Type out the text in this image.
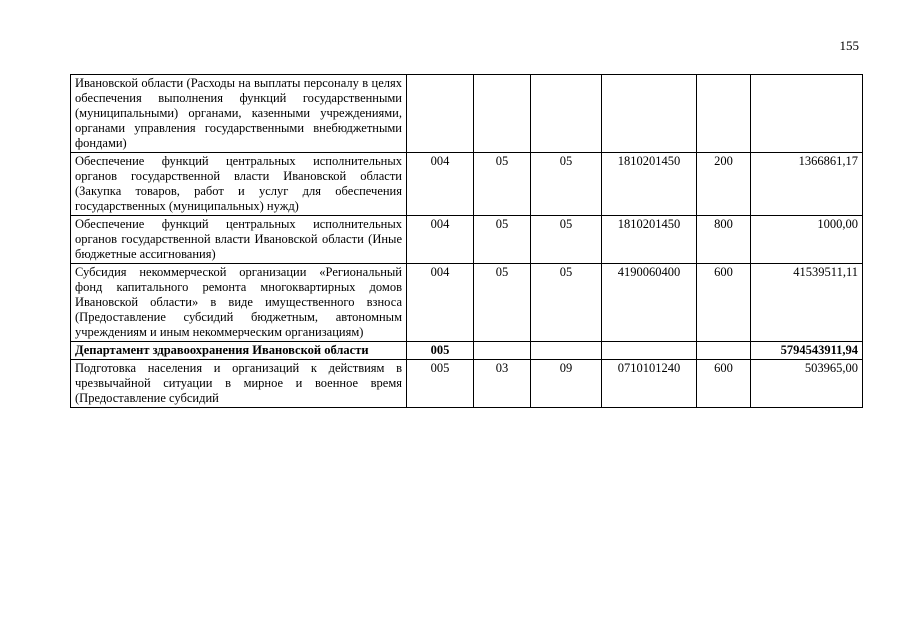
155
Ивановской области (Расходы на выплаты персоналу в целях обеспечения выполнения функций государственными (муниципальными) органами, казенными учреждениями, органами управления государственными внебюджетными фондами)						
Обеспечение функций центральных исполнительных органов государственной власти Ивановской области (Закупка товаров, работ и услуг для обеспечения государственных (муниципальных) нужд)	004	05	05	1810201450	200	1366861,17
Обеспечение функций центральных исполнительных органов государственной власти Ивановской области (Иные бюджетные ассигнования)	004	05	05	1810201450	800	1000,00
Субсидия некоммерческой организации «Региональный фонд капитального ремонта многоквартирных домов Ивановской области» в виде имущественного взноса (Предоставление субсидий бюджетным, автономным учреждениям и иным некоммерческим организациям)	004	05	05	4190060400	600	41539511,11
Департамент здравоохранения Ивановской области	005					5794543911,94
Подготовка населения и организаций к действиям в чрезвычайной ситуации в мирное и военное время (Предоставление субсидий	005	03	09	0710101240	600	503965,00
